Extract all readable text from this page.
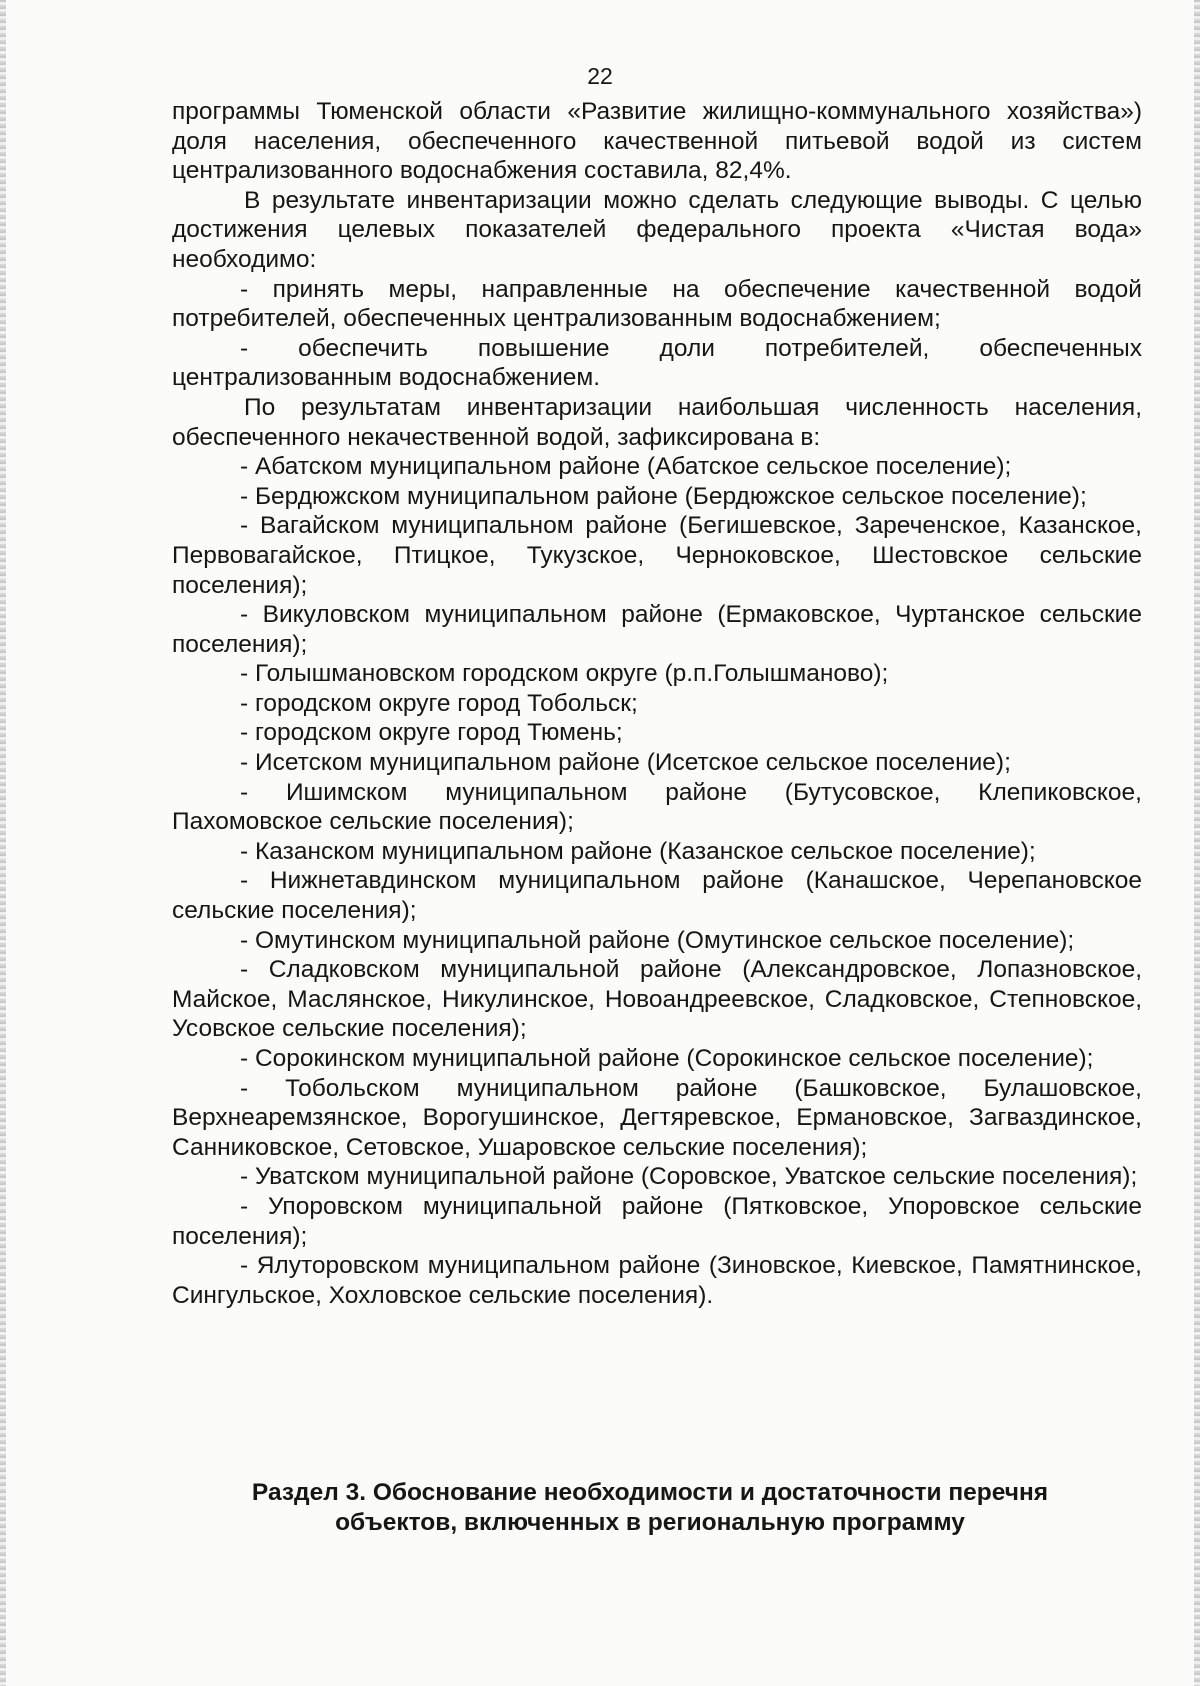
22

программы Тюменской области «Развитие жилищно-коммунального хозяйства») доля населения, обеспеченного качественной питьевой водой из систем централизованного водоснабжения составила, 82,4%.

В результате инвентаризации можно сделать следующие выводы. С целью достижения целевых показателей федерального проекта «Чистая вода» необходимо:

- принять меры, направленные на обеспечение качественной водой потребителей, обеспеченных централизованным водоснабжением;

- обеспечить повышение доли потребителей, обеспеченных централизованным водоснабжением.

По результатам инвентаризации наибольшая численность населения, обеспеченного некачественной водой, зафиксирована в:

- Абатском муниципальном районе (Абатское сельское поселение);

- Бердюжском муниципальном районе (Бердюжское сельское поселение);

- Вагайском муниципальном районе (Бегишевское, Зареченское, Казанское, Первовагайское, Птицкое, Тукузское, Черноковское, Шестовское сельские поселения);

- Викуловском муниципальном районе (Ермаковское, Чуртанское сельские поселения);

- Голышмановском городском округе (р.п.Голышманово);

- городском округе город Тобольск;

- городском округе город Тюмень;

- Исетском муниципальном районе (Исетское сельское поселение);

- Ишимском муниципальном районе (Бутусовское, Клепиковское, Пахомовское сельские поселения);

- Казанском муниципальном районе (Казанское сельское поселение);

- Нижнетавдинском муниципальном районе (Канашское, Черепановское сельские поселения);

- Омутинском муниципальной районе (Омутинское сельское поселение);

- Сладковском муниципальной районе (Александровское, Лопазновское, Майское, Маслянское, Никулинское, Новоандреевское, Сладковское, Степновское, Усовское сельские поселения);

- Сорокинском муниципальной районе (Сорокинское сельское поселение);

- Тобольском муниципальном районе (Башковское, Булашовское, Верхнеаремзянское, Ворогушинское, Дегтяревское, Ермановское, Загваздинское, Санниковское, Сетовское, Ушаровское сельские поселения);

- Уватском муниципальной районе (Соровское, Уватское сельские поселения);

- Упоровском муниципальной районе (Пятковское, Упоровское сельские поселения);

- Ялуторовском муниципальном районе (Зиновское, Киевское, Памятнинское, Сингульское, Хохловское сельские поселения).

Раздел 3. Обоснование необходимости и достаточности перечня
объектов, включенных в региональную программу
